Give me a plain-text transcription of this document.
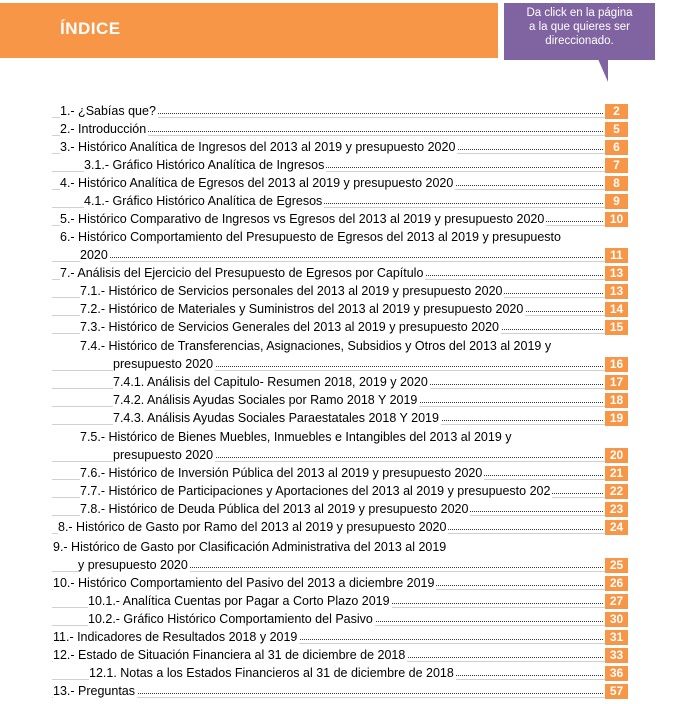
ÍNDICE
Da click en la página
a la que quieres ser
direccionado.
1.- ¿Sabías que?	2
2.- Introducción	5
3.- Histórico Analítica de Ingresos del 2013 al 2019 y presupuesto 2020	6
3.1.- Gráfico Histórico Analítica de Ingresos	7
4.- Histórico Analítica de Egresos del 2013 al 2019 y presupuesto 2020	8
4.1.- Gráfico Histórico Analítica de Egresos	9
5.- Histórico Comparativo de Ingresos vs Egresos del 2013 al 2019 y presupuesto 2020	10
6.- Histórico Comportamiento del Presupuesto de Egresos del 2013 al 2019 y presupuesto
2020	11
7.- Análisis del Ejercicio del Presupuesto de Egresos por Capítulo	13
7.1.- Histórico de Servicios personales del 2013 al 2019 y presupuesto 2020	13
7.2.- Histórico de Materiales y Suministros del 2013 al 2019 y presupuesto 2020	14
7.3.- Histórico de Servicios Generales del 2013 al 2019 y presupuesto 2020	15
7.4.- Histórico de Transferencias, Asignaciones, Subsidios y Otros del 2013 al 2019 y
presupuesto 2020	16
7.4.1. Análisis del Capitulo- Resumen 2018, 2019 y 2020	17
7.4.2. Análisis Ayudas Sociales por Ramo 2018 Y 2019	18
7.4.3. Análisis Ayudas Sociales Paraestatales 2018 Y 2019	19
7.5.- Histórico de Bienes Muebles, Inmuebles e Intangibles del 2013 al 2019 y
presupuesto 2020	20
7.6.- Histórico de Inversión Pública del 2013 al 2019 y presupuesto 2020	21
7.7.- Histórico de Participaciones y Aportaciones del 2013 al 2019 y presupuesto 202	22
7.8.- Histórico de Deuda Pública del 2013 al 2019 y presupuesto 2020	23
8.- Histórico de Gasto por Ramo del 2013 al 2019 y presupuesto 2020	24
9.- Histórico de Gasto por Clasificación Administrativa del 2013 al 2019
y presupuesto 2020	25
10.- Histórico Comportamiento del Pasivo del 2013 a diciembre 2019	26
10.1.- Analítica Cuentas por Pagar a Corto Plazo 2019	27
10.2.- Gráfico Histórico Comportamiento del Pasivo	30
11.- Indicadores de Resultados 2018 y 2019	31
12.- Estado de Situación Financiera al 31 de diciembre de 2018	33
12.1. Notas a los Estados Financieros al 31 de diciembre de 2018	36
13.- Preguntas	57
